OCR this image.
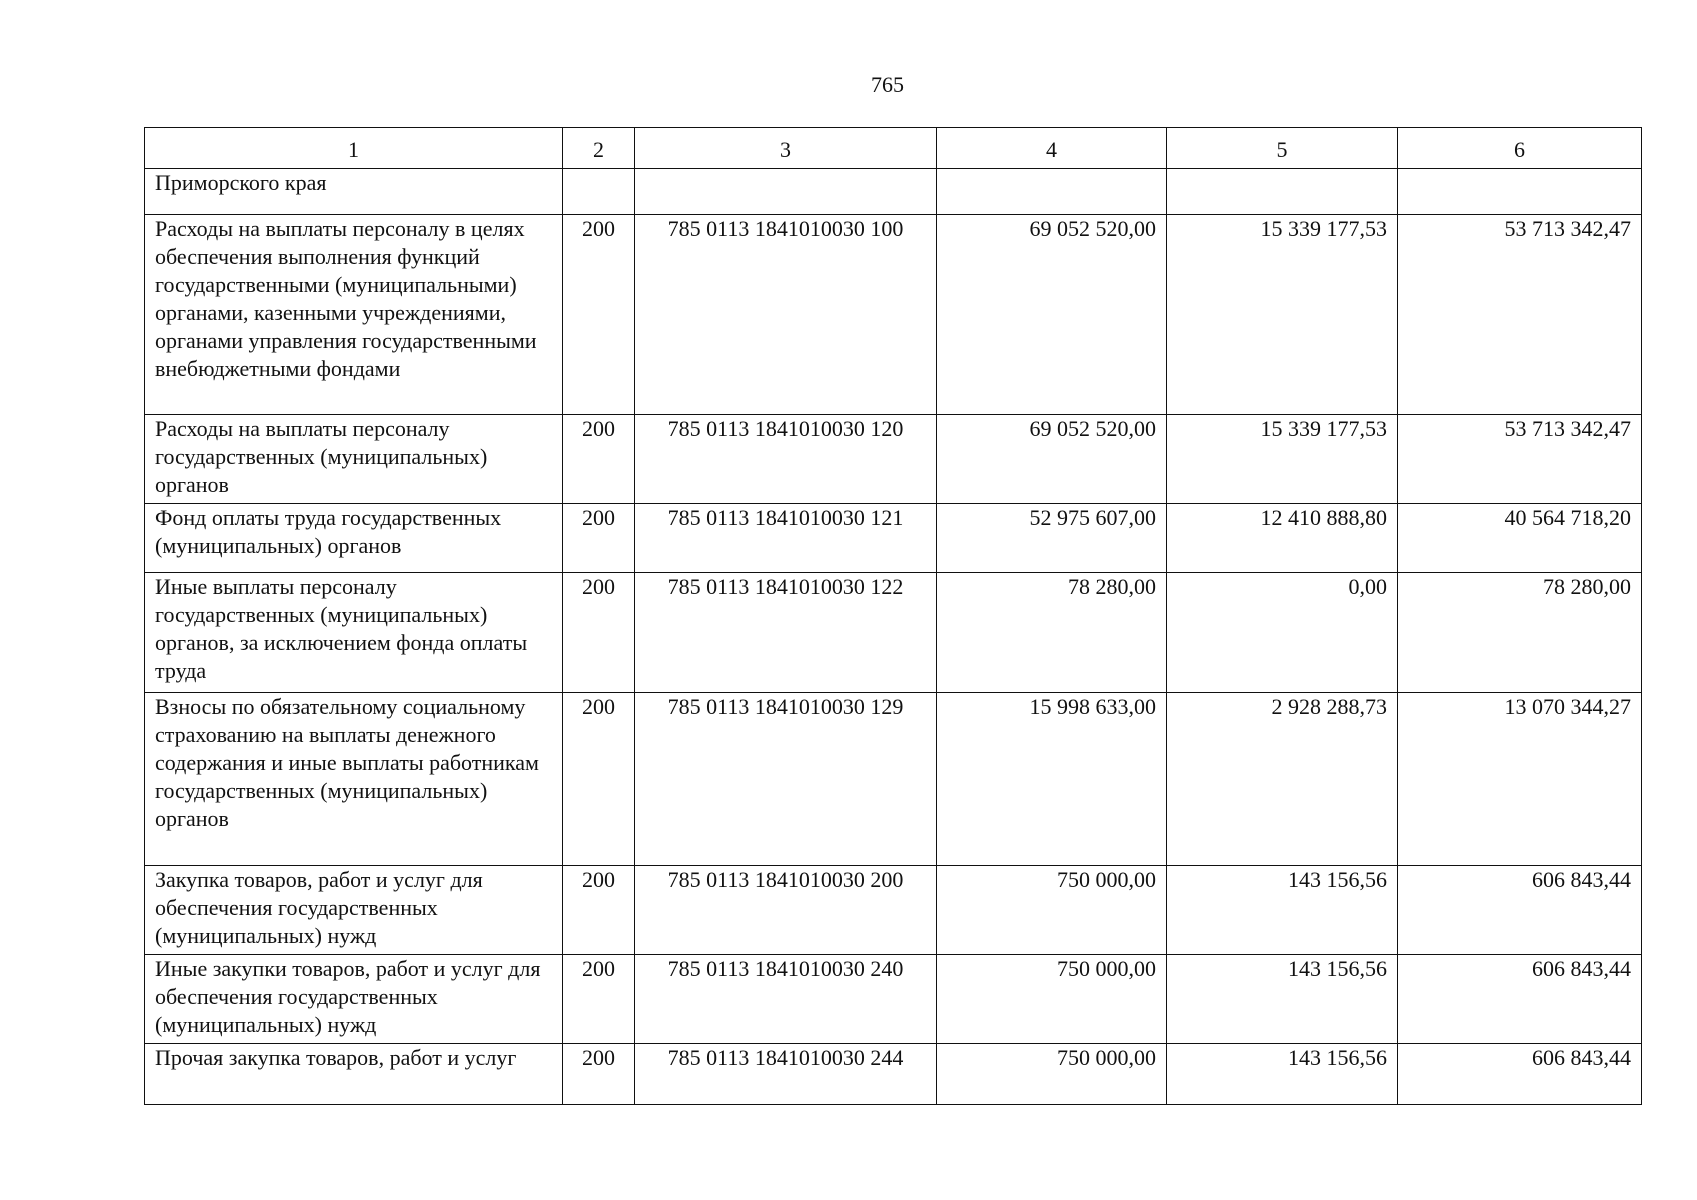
765
1	2	3	4	5	6
Приморского края					
Расходы на выплаты персоналу в целях обеспечения выполнения функций государственными (муниципальными) органами, казенными учреждениями, органами управления государственными внебюджетными фондами	200	785 0113 1841010030 100	69 052 520,00	15 339 177,53	53 713 342,47
Расходы на выплаты персоналу государственных (муниципальных) органов	200	785 0113 1841010030 120	69 052 520,00	15 339 177,53	53 713 342,47
Фонд оплаты труда государственных (муниципальных) органов	200	785 0113 1841010030 121	52 975 607,00	12 410 888,80	40 564 718,20
Иные выплаты персоналу государственных (муниципальных) органов, за исключением фонда оплаты труда	200	785 0113 1841010030 122	78 280,00	0,00	78 280,00
Взносы по обязательному социальному страхованию на выплаты денежного содержания и иные выплаты работникам государственных (муниципальных) органов	200	785 0113 1841010030 129	15 998 633,00	2 928 288,73	13 070 344,27
Закупка товаров, работ и услуг для обеспечения государственных (муниципальных) нужд	200	785 0113 1841010030 200	750 000,00	143 156,56	606 843,44
Иные закупки товаров, работ и услуг для обеспечения государственных (муниципальных) нужд	200	785 0113 1841010030 240	750 000,00	143 156,56	606 843,44
Прочая закупка товаров, работ и услуг	200	785 0113 1841010030 244	750 000,00	143 156,56	606 843,44
